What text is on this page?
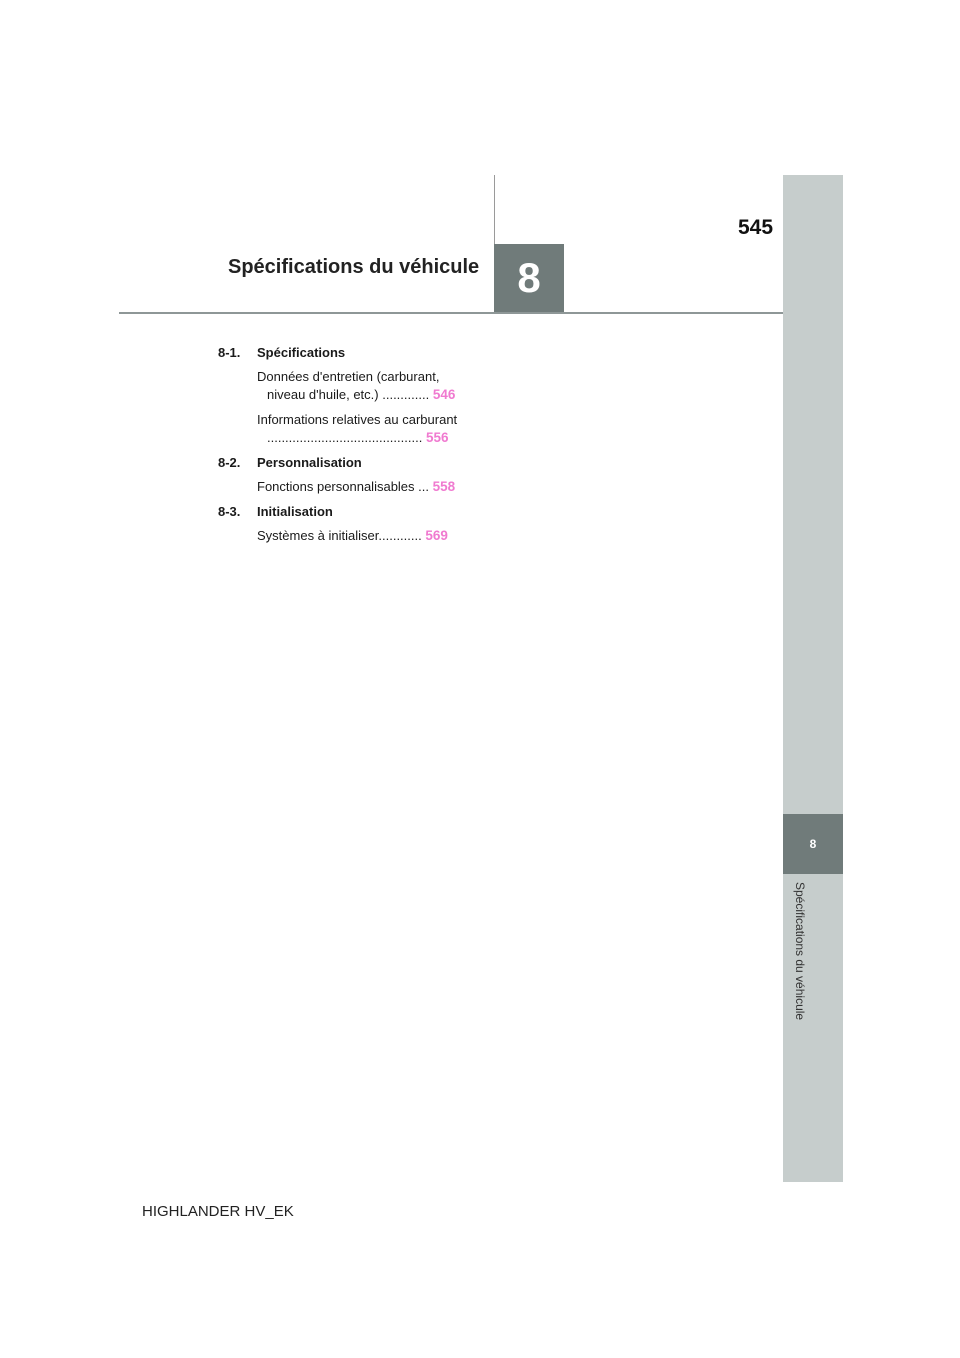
8
Spécifications du véhicule
8
Spécifications du véhicule
545
8-1.	Spécifications
Données d'entretien (carburant,
niveau d'huile, etc.) ............. 546
Informations relatives au carburant
........................................... 556
8-2.	Personnalisation
Fonctions personnalisables ... 558
8-3.	Initialisation
Systèmes à initialiser............ 569
HIGHLANDER HV_EK
